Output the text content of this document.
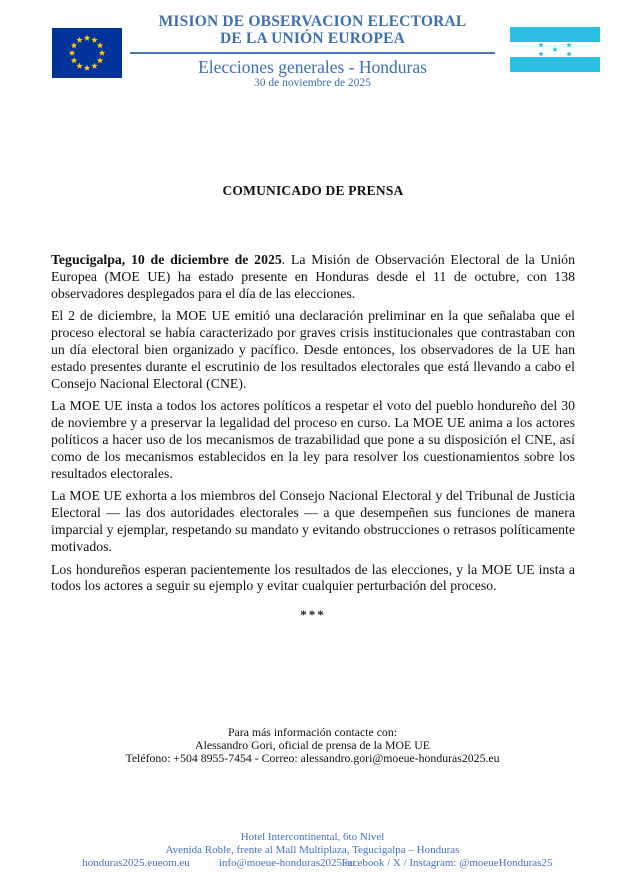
MISION DE OBSERVACION ELECTORAL
DE LA UNIÓN EUROPEA
Elecciones generales - Honduras
30 de noviembre de 2025
COMUNICADO DE PRENSA

Tegucigalpa, 10 de diciembre de 2025. La Misión de Observación Electoral de la Unión Europea (MOE UE) ha estado presente en Honduras desde el 11 de octubre, con 138 observadores desplegados para el día de las elecciones.

El 2 de diciembre, la MOE UE emitió una declaración preliminar en la que señalaba que el proceso electoral se había caracterizado por graves crisis institucionales que contrastaban con un día electoral bien organizado y pacífico. Desde entonces, los observadores de la UE han estado presentes durante el escrutinio de los resultados electorales que está llevando a cabo el Consejo Nacional Electoral (CNE).

La MOE UE insta a todos los actores políticos a respetar el voto del pueblo hondureño del 30 de noviembre y a preservar la legalidad del proceso en curso. La MOE UE anima a los actores políticos a hacer uso de los mecanismos de trazabilidad que pone a su disposición el CNE, así como de los mecanismos establecidos en la ley para resolver los cuestionamientos sobre los resultados electorales.

La MOE UE exhorta a los miembros del Consejo Nacional Electoral y del Tribunal de Justicia Electoral — las dos autoridades electorales — a que desempeñen sus funciones de manera imparcial y ejemplar, respetando su mandato y evitando obstrucciones o retrasos políticamente motivados.

Los hondureños esperan pacientemente los resultados de las elecciones, y la MOE UE insta a todos los actores a seguir su ejemplo y evitar cualquier perturbación del proceso.

***
Para más información contacte con:
Alessandro Gori, oficial de prensa de la MOE UE
Teléfono: +504 8955-7454 - Correo: alessandro.gori@moeue-honduras2025.eu
Hotel Intercontinental, 6to Nivel
Avenida Roble, frente al Mall Multiplaza, Tegucigalpa – Honduras
honduras2025.eueom.eu	info@moeue-honduras2025.eu
Facebook / X / Instagram: @moeueHonduras25
